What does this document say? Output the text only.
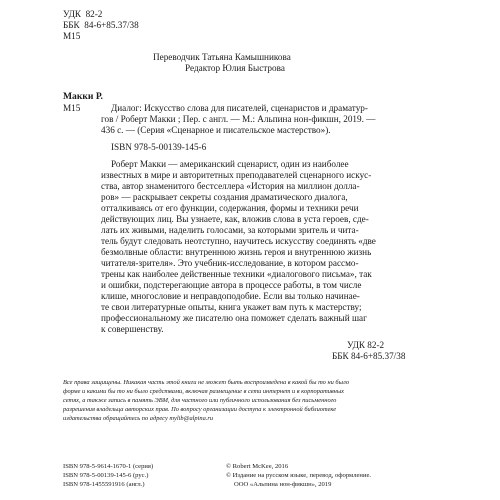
УДК  82-2
ББК  84-6+85.37/38
M15
Переводчик Татьяна Камышникова
Редактор Юлия Быстрова
Макки Р.
M15	Диалог: Искусство слова для писателей, сценаристов и драматур-
гов / Роберт Макки ; Пер. с англ. — М.: Альпина нон-фикшн, 2019. —
436 с. — (Серия «Сценарное и писательское мастерство»).
ISBN 978-5-00139-145-6
Роберт Макки — американский сценарист, один из наиболее
известных в мире и авторитетных преподавателей сценарного искус-
ства, автор знаменитого бестселлера «История на миллион долла-
ров» — раскрывает секреты создания драматического диалога,
отталкиваясь от его функции, содержания, формы и техники речи
действующих лиц. Вы узнаете, как, вложив слова в уста героев, сде-
лать их живыми, наделить голосами, за которыми зритель и чита-
тель будут следовать неотступно, научитесь искусству соединять «две
безмолвные области: внутреннюю жизнь героя и внутреннюю жизнь
читателя-зрителя». Это учебник-исследование, в котором рассмо-
трены как наиболее действенные техники «диалогового письма», так
и ошибки, подстерегающие автора в процессе работы, в том числе
клише, многословие и неправдоподобие. Если вы только начинае-
те свои литературные опыты, книга укажет вам путь к мастерству;
профессиональному же писателю она поможет сделать важный шаг
к совершенству.
УДК 82-2
ББК 84-6+85.37/38
Все права защищены. Никакая часть этой книги не может быть воспроизведена в какой бы то ни было
форме и какими бы то ни было средствами, включая размещение в сети интернет и в корпоративных
сетях, а также запись в память ЭВМ, для частного или публичного использования без письменного
разрешения владельца авторских прав. По вопросу организации доступа к электронной библиотеке
издательства обращайтесь по адресу mylib@alpina.ru
ISBN 978-5-9614-1670-1 (серия)
ISBN 978-5-00139-145-6 (рус.)
ISBN 978-1455591916 (англ.)
© Robert McKee, 2016
© Издание на русском языке, перевод, оформление.
ООО «Альпина нон-фикшн», 2019
